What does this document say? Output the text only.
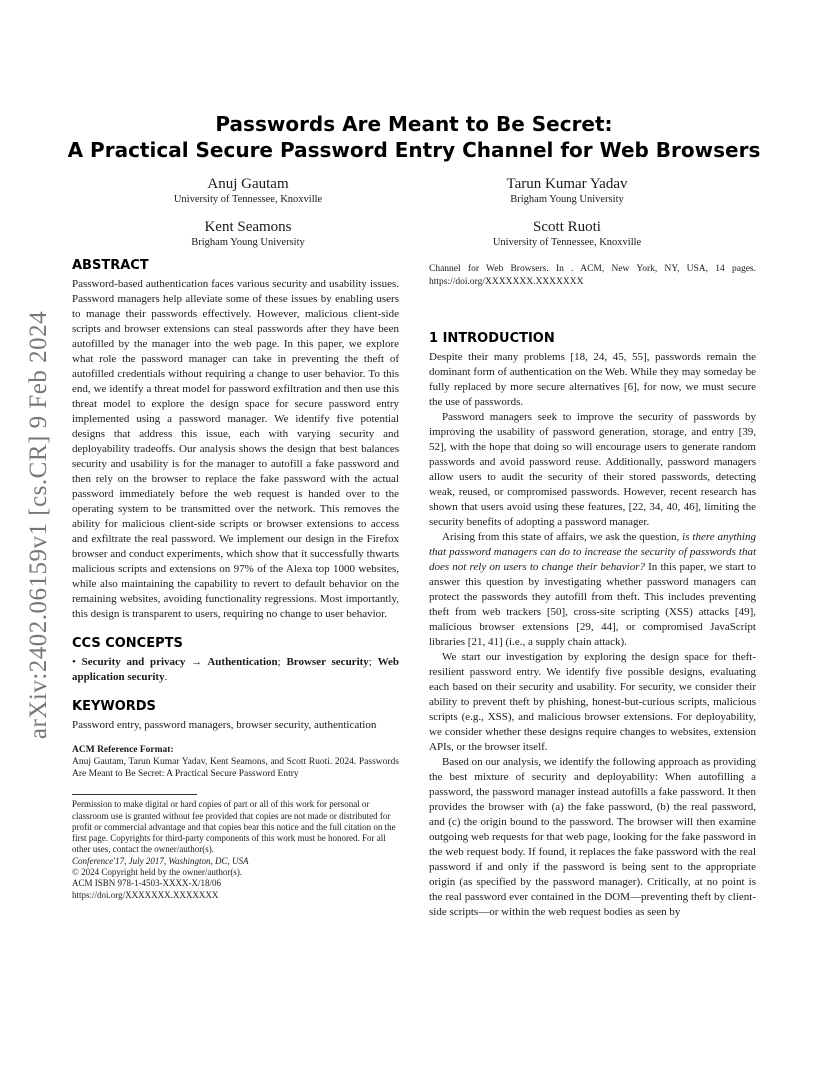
arXiv:2402.06159v1 [cs.CR] 9 Feb 2024
Passwords Are Meant to Be Secret:
A Practical Secure Password Entry Channel for Web Browsers
Anuj Gautam
University of Tennessee, Knoxville
Tarun Kumar Yadav
Brigham Young University
Kent Seamons
Brigham Young University
Scott Ruoti
University of Tennessee, Knoxville
ABSTRACT

Password-based authentication faces various security and usability issues. Password managers help alleviate some of these issues by enabling users to manage their passwords effectively. However, malicious client-side scripts and browser extensions can steal passwords after they have been autofilled by the manager into the web page. In this paper, we explore what role the password manager can take in preventing the theft of autofilled credentials without requiring a change to user behavior. To this end, we identify a threat model for password exfiltration and then use this threat model to explore the design space for secure password entry implemented using a password manager. We identify five potential designs that address this issue, each with varying security and deployability tradeoffs. Our analysis shows the design that best balances security and usability is for the manager to autofill a fake password and then rely on the browser to replace the fake password with the actual password immediately before the web request is handed over to the operating system to be transmitted over the network. This removes the ability for malicious client-side scripts or browser extensions to access and exfiltrate the real password. We implement our design in the Firefox browser and conduct experiments, which show that it successfully thwarts malicious scripts and extensions on 97% of the Alexa top 1000 websites, while also maintaining the capability to revert to default behavior on the remaining websites, avoiding functionality regressions. Most importantly, this design is transparent to users, requiring no change to user behavior.

CCS CONCEPTS

• Security and privacy → Authentication; Browser security; Web application security.

KEYWORDS

Password entry, password managers, browser security, authentication

ACM Reference Format:
Anuj Gautam, Tarun Kumar Yadav, Kent Seamons, and Scott Ruoti. 2024. Passwords Are Meant to Be Secret: A Practical Secure Password Entry
Permission to make digital or hard copies of part or all of this work for personal or classroom use is granted without fee provided that copies are not made or distributed for profit or commercial advantage and that copies bear this notice and the full citation on the first page. Copyrights for third-party components of this work must be honored. For all other uses, contact the owner/author(s).
Conference'17, July 2017, Washington, DC, USA
© 2024 Copyright held by the owner/author(s).
ACM ISBN 978-1-4503-XXXX-X/18/06
https://doi.org/XXXXXXX.XXXXXXX
Channel for Web Browsers. In . ACM, New York, NY, USA, 14 pages. https://doi.org/XXXXXXX.XXXXXXX
1 INTRODUCTION

Despite their many problems [18, 24, 45, 55], passwords remain the dominant form of authentication on the Web. While they may someday be fully replaced by more secure alternatives [6], for now, we must secure the use of passwords.

Password managers seek to improve the security of passwords by improving the usability of password generation, storage, and entry [39, 52], with the hope that doing so will encourage users to generate random passwords and avoid password reuse. Additionally, password managers allow users to audit the security of their stored passwords, detecting weak, reused, or compromised passwords. However, recent research has shown that users avoid using these features, [22, 34, 40, 46], limiting the security benefits of adopting a password manager.

Arising from this state of affairs, we ask the question, is there anything that password managers can do to increase the security of passwords that does not rely on users to change their behavior? In this paper, we start to answer this question by investigating whether password managers can protect the passwords they autofill from theft. This includes preventing theft from web trackers [50], cross-site scripting (XSS) attacks [49], malicious browser extensions [29, 44], or compromised JavaScript libraries [21, 41] (i.e., a supply chain attack).

We start our investigation by exploring the design space for theft-resilient password entry. We identify five possible designs, evaluating each based on their security and usability. For security, we consider their ability to prevent theft by phishing, honest-but-curious scripts, malicious scripts (e.g., XSS), and malicious browser extensions. For deployability, we consider whether these designs require changes to websites, extension APIs, or the browser itself.

Based on our analysis, we identify the following approach as providing the best mixture of security and deployability: When autofilling a password, the password manager instead autofills a fake password. It then provides the browser with (a) the fake password, (b) the real password, and (c) the origin bound to the password. The browser will then examine outgoing web requests for that web page, looking for the fake password in the web request body. If found, it replaces the fake password with the real password if and only if the password is being sent to the appropriate origin (as specified by the password manager). Critically, at no point is the real password ever contained in the DOM—preventing theft by client-side scripts—or within the web request bodies as seen by
